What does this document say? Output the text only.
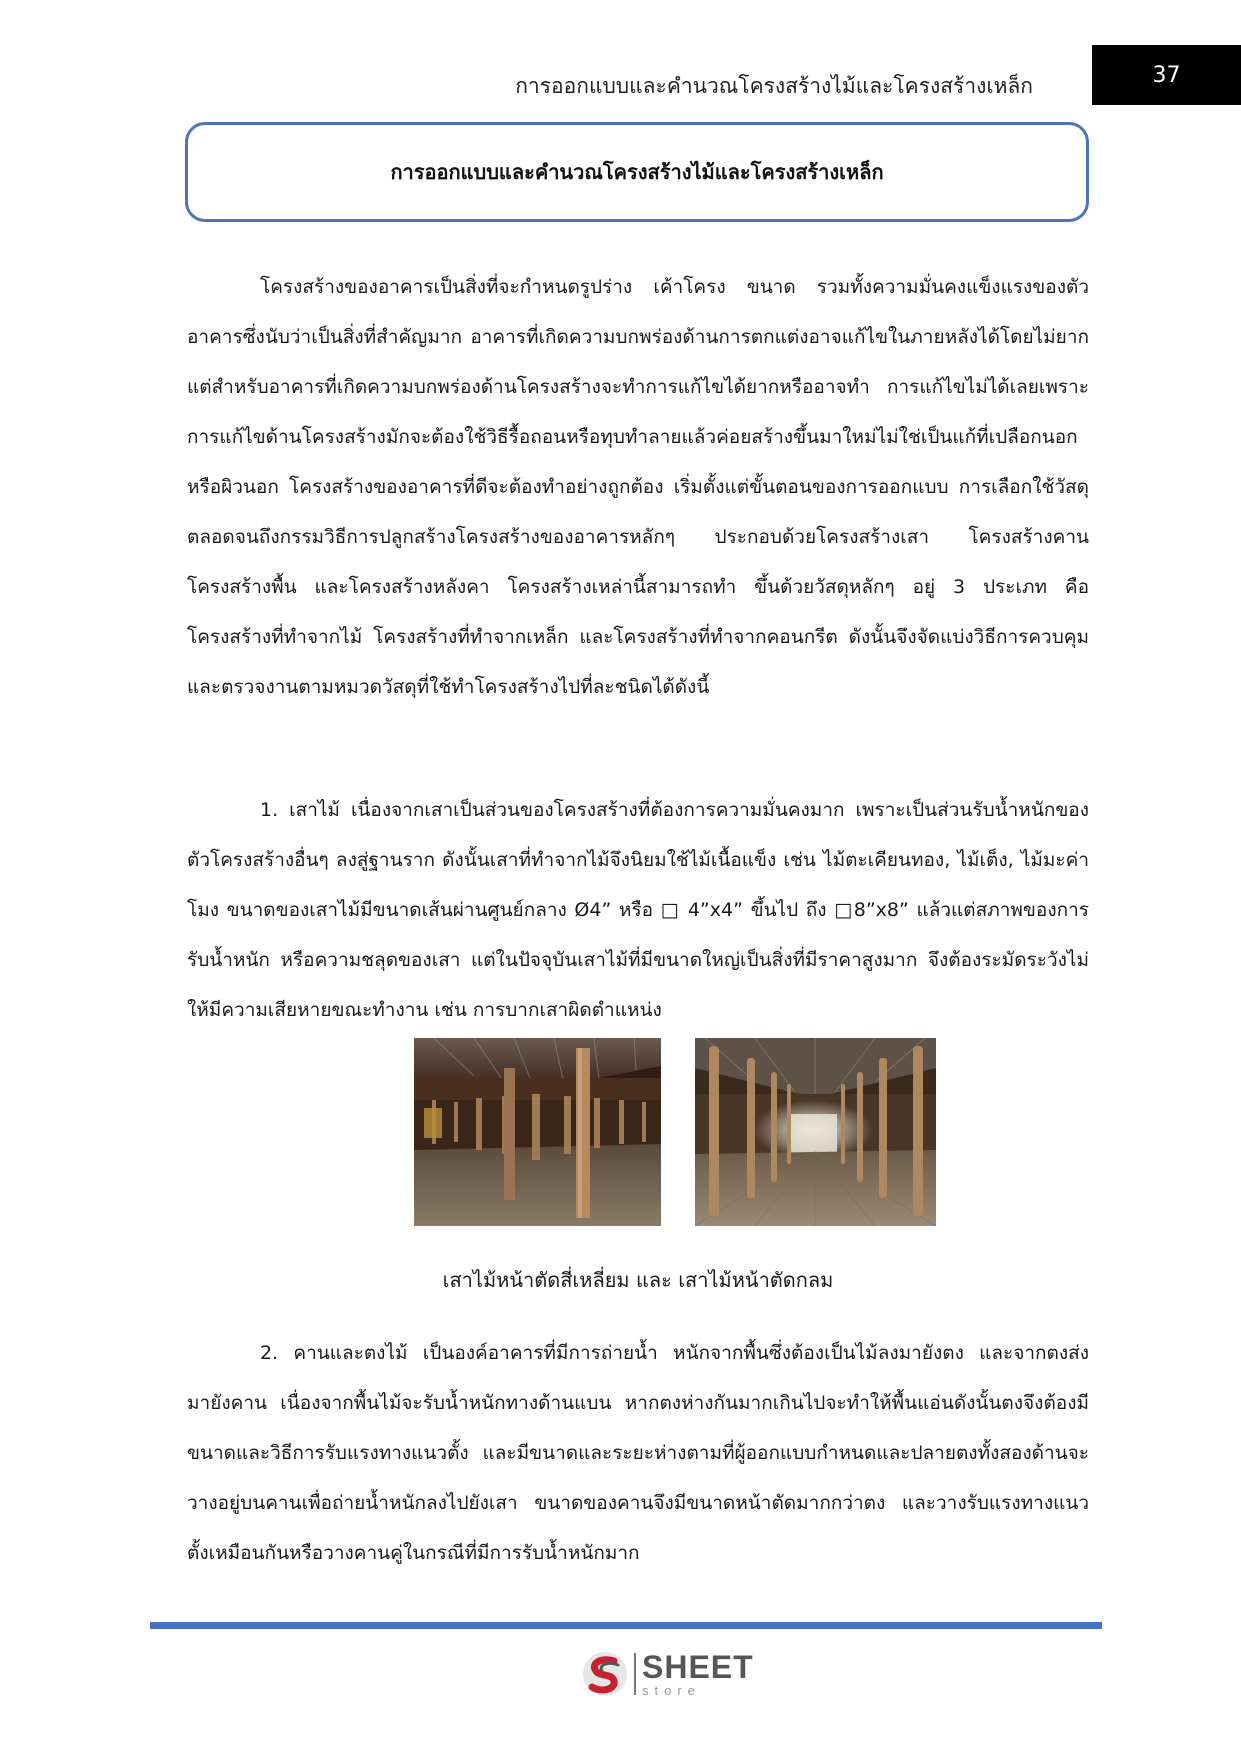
การออกแบบและคำนวณโครงสร้างไม้และโครงสร้างเหล็ก	37
การออกแบบและคำนวณโครงสร้างไม้และโครงสร้างเหล็ก

โครงสร้างของอาคารเป็นสิ่งที่จะกำหนดรูปร่าง เค้าโครง ขนาด รวมทั้งความมั่นคงแข็งแรงของตัวอาคารซึ่งนับว่าเป็นสิ่งที่สำคัญมาก อาคารที่เกิดความบกพร่องด้านการตกแต่งอาจแก้ไขในภายหลังได้โดยไม่ยาก แต่สำหรับอาคารที่เกิดความบกพร่องด้านโครงสร้างจะทำการแก้ไขได้ยากหรืออาจทำ การแก้ไขไม่ได้เลยเพราะการแก้ไขด้านโครงสร้างมักจะต้องใช้วิธีรื้อถอนหรือทุบทำลายแล้วค่อยสร้างขึ้นมาใหม่ไม่ใช่เป็นแก้ที่เปลือกนอกหรือผิวนอก โครงสร้างของอาคารที่ดีจะต้องทำอย่างถูกต้อง เริ่มตั้งแต่ขั้นตอนของการออกแบบ การเลือกใช้วัสดุ ตลอดจนถึงกรรมวิธีการปลูกสร้างโครงสร้างของอาคารหลักๆ ประกอบด้วยโครงสร้างเสา โครงสร้างคาน โครงสร้างพื้น และโครงสร้างหลังคา โครงสร้างเหล่านี้สามารถทำ ขึ้นด้วยวัสดุหลักๆ อยู่ 3 ประเภท คือ โครงสร้างที่ทำจากไม้ โครงสร้างที่ทำจากเหล็ก และโครงสร้างที่ทำจากคอนกรีต ดังนั้นจึงจัดแบ่งวิธีการควบคุมและตรวจงานตามหมวดวัสดุที่ใช้ทำโครงสร้างไปที่ละชนิดได้ดังนี้

1. เสาไม้ เนื่องจากเสาเป็นส่วนของโครงสร้างที่ต้องการความมั่นคงมาก เพราะเป็นส่วนรับน้ำหนักของตัวโครงสร้างอื่นๆ ลงสู่ฐานราก ดังนั้นเสาที่ทำจากไม้จึงนิยมใช้ไม้เนื้อแข็ง เช่น ไม้ตะเคียนทอง, ไม้เต็ง, ไม้มะค่าโมง ขนาดของเสาไม้มีขนาดเส้นผ่านศูนย์กลาง Ø4” หรือ □ 4”x4” ขึ้นไป ถึง □8”x8” แล้วแต่สภาพของการรับน้ำหนัก หรือความชลุดของเสา แต่ในปัจจุบันเสาไม้ที่มีขนาดใหญ่เป็นสิ่งที่มีราคาสูงมาก จึงต้องระมัดระวังไม่ให้มีความเสียหายขณะทำงาน เช่น การบากเสาผิดตำแหน่ง

เสาไม้หน้าตัดสี่เหลี่ยม และ เสาไม้หน้าตัดกลม

2. คานและตงไม้ เป็นองค์อาคารที่มีการถ่ายน้ำ หนักจากพื้นซึ่งต้องเป็นไม้ลงมายังตง และจากตงส่งมายังคาน เนื่องจากพื้นไม้จะรับน้ำหนักทางด้านแบน หากตงห่างกันมากเกินไปจะทำให้พื้นแอ่นดังนั้นตงจึงต้องมีขนาดและวิธีการรับแรงทางแนวตั้ง และมีขนาดและระยะห่างตามที่ผู้ออกแบบกำหนดและปลายตงทั้งสองด้านจะวางอยู่บนคานเพื่อถ่ายน้ำหนักลงไปยังเสา ขนาดของคานจึงมีขนาดหน้าตัดมากกว่าตง และวางรับแรงทางแนวตั้งเหมือนกันหรือวางคานคู่ในกรณีที่มีการรับน้ำหนักมาก

SHEET
store
